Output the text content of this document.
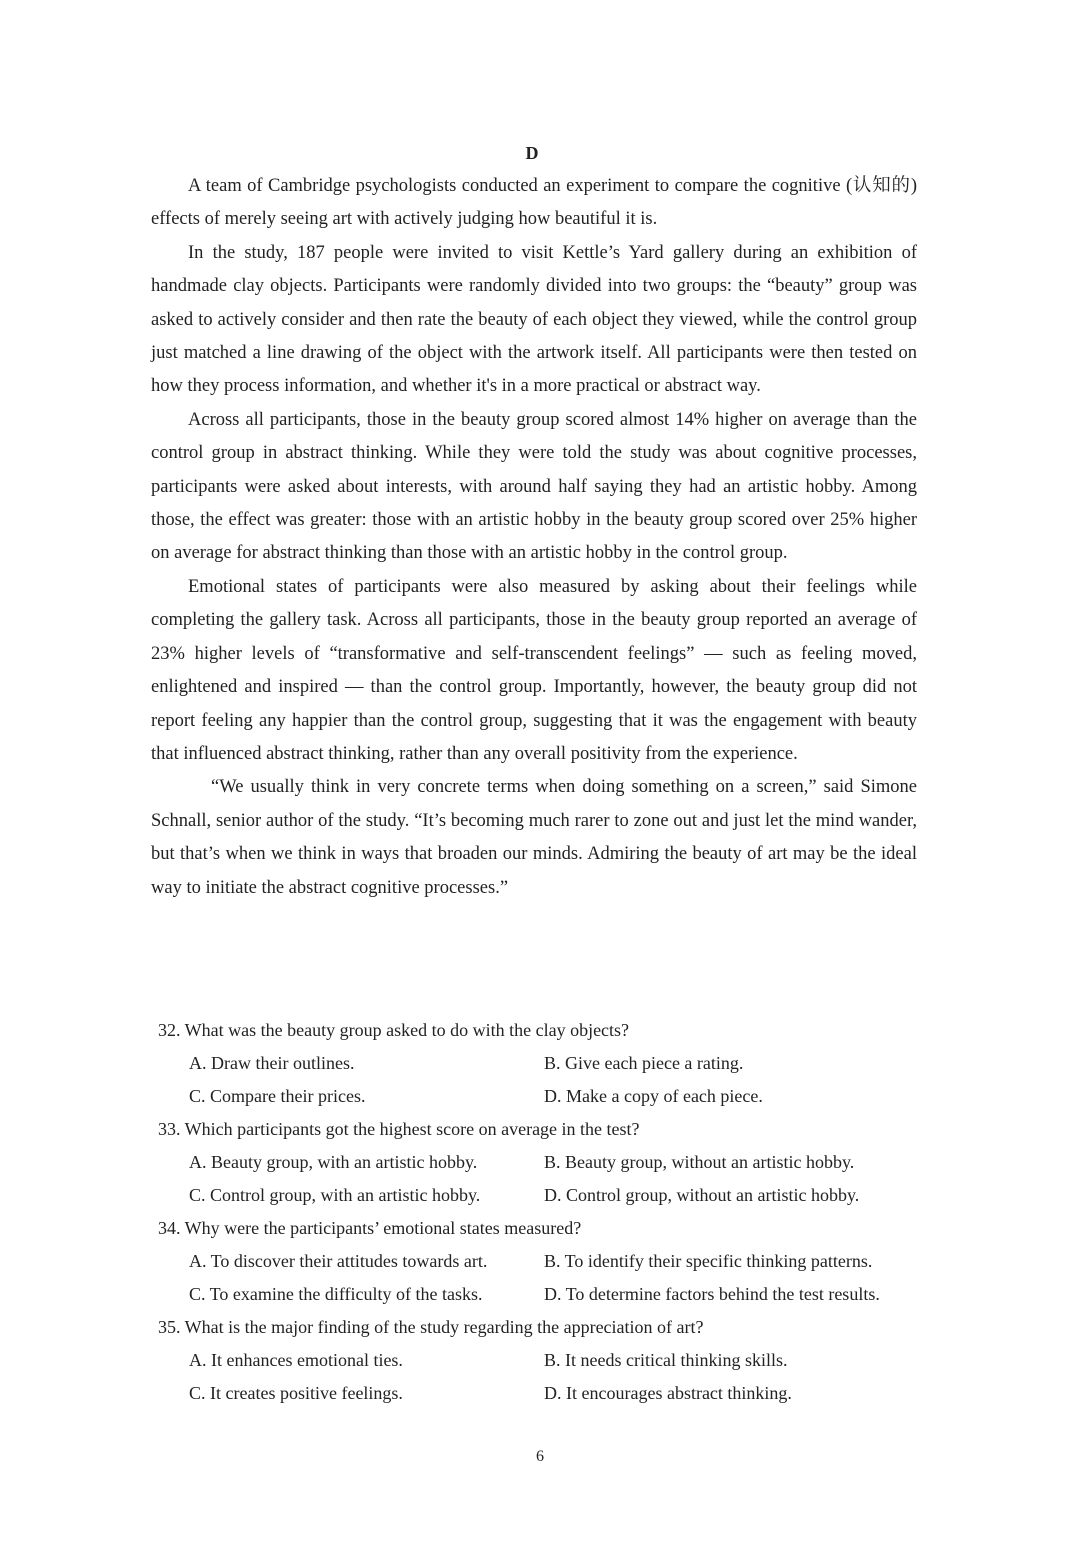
D

A team of Cambridge psychologists conducted an experiment to compare the cognitive (认知的) effects of merely seeing art with actively judging how beautiful it is.

In the study, 187 people were invited to visit Kettle’s Yard gallery during an exhibition of handmade clay objects. Participants were randomly divided into two groups: the “beauty” group was asked to actively consider and then rate the beauty of each object they viewed, while the control group just matched a line drawing of the object with the artwork itself. All participants were then tested on how they process information, and whether it's in a more practical or abstract way.

Across all participants, those in the beauty group scored almost 14% higher on average than the control group in abstract thinking. While they were told the study was about cognitive processes, participants were asked about interests, with around half saying they had an artistic hobby. Among those, the effect was greater: those with an artistic hobby in the beauty group scored over 25% higher on average for abstract thinking than those with an artistic hobby in the control group.

Emotional states of participants were also measured by asking about their feelings while completing the gallery task. Across all participants, those in the beauty group reported an average of 23% higher levels of “transformative and self-transcendent feelings” — such as feeling moved, enlightened and inspired — than the control group. Importantly, however, the beauty group did not report feeling any happier than the control group, suggesting that it was the engagement with beauty that influenced abstract thinking, rather than any overall positivity from the experience.

“We usually think in very concrete terms when doing something on a screen,” said Simone Schnall, senior author of the study. “It’s becoming much rarer to zone out and just let the mind wander, but that’s when we think in ways that broaden our minds. Admiring the beauty of art may be the ideal way to initiate the abstract cognitive processes.”

32. What was the beauty group asked to do with the clay objects?

A. Draw their outlines.	B. Give each piece a rating.
C. Compare their prices.	D. Make a copy of each piece.

33. Which participants got the highest score on average in the test?

A. Beauty group, with an artistic hobby.	B. Beauty group, without an artistic hobby.
C. Control group, with an artistic hobby.	D. Control group, without an artistic hobby.

34. Why were the participants’ emotional states measured?

A. To discover their attitudes towards art.	B. To identify their specific thinking patterns.
C. To examine the difficulty of the tasks.	D. To determine factors behind the test results.

35. What is the major finding of the study regarding the appreciation of art?

A. It enhances emotional ties.	B. It needs critical thinking skills.
C. It creates positive feelings.	D. It encourages abstract thinking.
6
